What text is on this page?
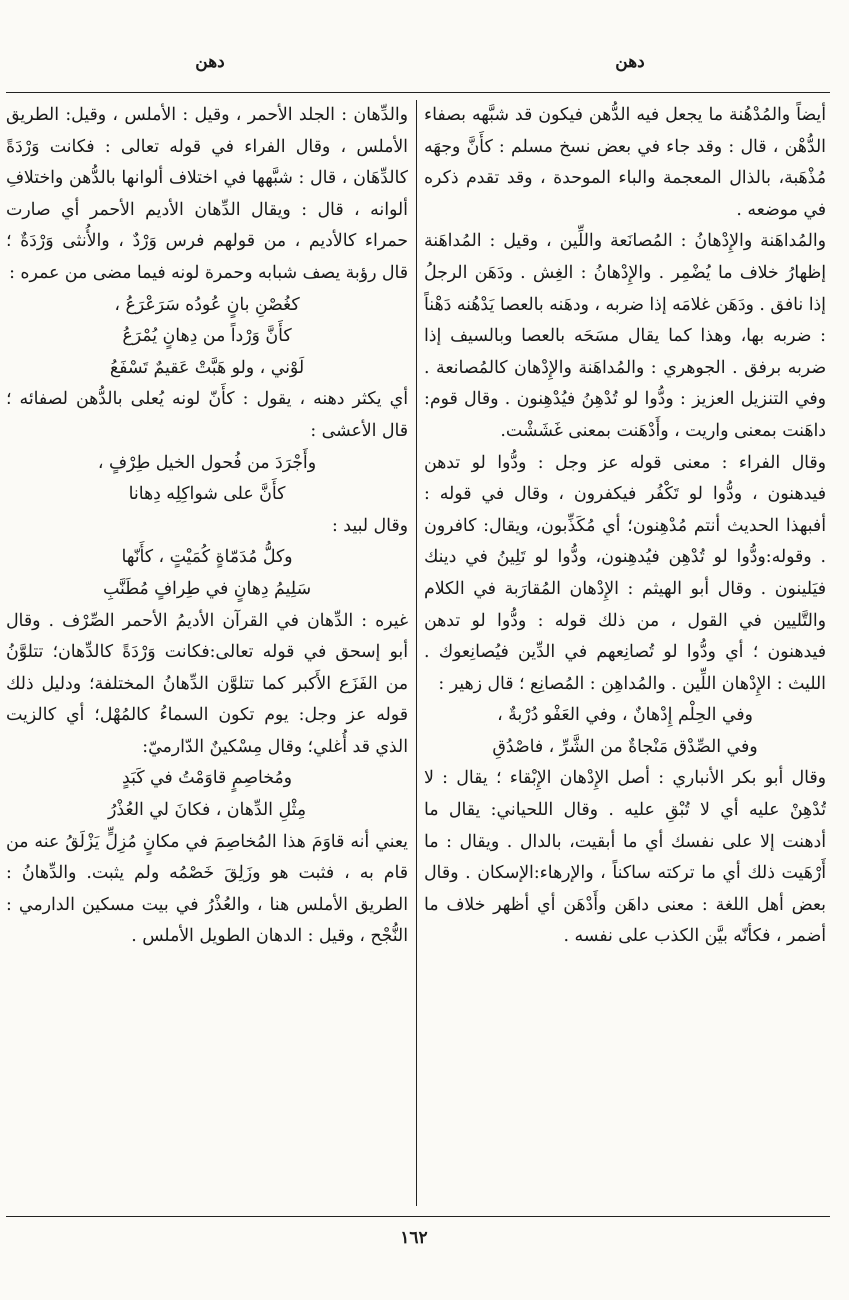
دهن
دهن

أيضاً والمُدْهُنة ما يجعل فيه الدُّهن فيكون قد شبَّهه بصفاء الدُّهْن ، قال : وقد جاء في بعض نسخ مسلم : كأَنَّ وجهَه مُذْهَبة، بالذال المعجمة والباء الموحدة ، وقد تقدم ذكره في موضعه .

والمُداهَنة والإِدْهانُ : المُصانَعة واللِّين ، وقيل : المُداهَنة إظهارُ خلاف ما يُضْمِر . والإِدْهانُ : الغِش . ودَهَن الرجلُ إذا نافق . ودَهَن غلامَه إذا ضربه ، ودهَنه بالعصا يَدْهُنه دَهْناً : ضربه بها، وهذا كما يقال مسَحَه بالعصا وبالسيف إذا ضربه برفق . الجوهري : والمُداهَنة والإِدْهان كالمُصانعة . وفي التنزيل العزيز : ودُّوا لو تُدْهِنُ فيُدْهِنون . وقال قوم: داهَنت بمعنى واريت ، وأَدْهَنت بمعنى غَشَشْت.

وقال الفراء : معنى قوله عز وجل : ودُّوا لو تدهن فيدهنون ، ودُّوا لو تَكْفُر فيكفرون ، وقال في قوله : أفبهذا الحديث أنتم مُدْهِنون؛ أي مُكَذِّبون، ويقال: كافرون . وقوله:ودُّوا لو تُدْهِن فيُدهِنون، ودُّوا لو تَلِينُ في دينك فيَلينون . وقال أبو الهيثم : الإِدْهان المُقارَبة في الكلام والتَّليين في القول ، من ذلك قوله : ودُّوا لو تدهن فيدهنون ؛ أي ودُّوا لو تُصانِعهم في الدِّين فيُصانِعوك . الليث : الإِدْهان اللِّين . والمُداهِن : المُصانِع ؛ قال زهير :

وفي الحِلْم إِدْهانٌ ، وفي العَفْو دُرْبةٌ ،

وفي الصِّدْق مَنْجاةٌ من الشَّرِّ ، فاصْدُقِ

وقال أبو بكر الأنباري : أصل الإِدْهان الإِبْقاء ؛ يقال : لا تُدْهِنْ عليه أي لا تُبْقِ عليه . وقال اللحياني: يقال ما أدهنت إلا على نفسك أي ما أبقيت، بالدال . ويقال : ما أَرْهَيت ذلك أي ما تركته ساكناً ، والإرهاء:الإسكان . وقال بعض أهل اللغة : معنى داهَن وأَدْهَن أي أظهر خلاف ما أضمر ، فكأنّه بيَّن الكذب على نفسه .

والدِّهان : الجلد الأحمر ، وقيل : الأملس ، وقيل: الطريق الأملس ، وقال الفراء في قوله تعالى : فكانت وَرْدَةً كالدِّهَان ، قال : شبَّهها في اختلاف ألوانها بالدُّهن واختلافِ ألوانه ، قال : ويقال الدِّهان الأديم الأحمر أي صارت حمراء كالأديم ، من قولهم فرس وَرْدٌ ، والأُنثى وَرْدَةٌ ؛ قال رؤبة يصف شبابه وحمرة لونه فيما مضى من عمره :

كغُصْنِ بانٍ عُودُه سَرَعْرَعُ ،

كأَنَّ وَرْداً من دِهانٍ يُمْرَعُ

لَوْني ، ولو هَبَّتْ عَقيمٌ تَسْفَعُ

أي يكثر دهنه ، يقول : كأَنّ لونه يُعلى بالدُّهن لصفائه ؛ قال الأعشى :

وأَجْرَدَ من فُحول الخيل طِرْفٍ ،

كأَنَّ على شواكِلِه دِهانا

وقال لبيد :

وكلُّ مُدَمّاةٍ كُمَيْتٍ ، كأَنّها

سَلِيمُ دِهانٍ في طِرافٍ مُطَنَّبِ

غيره : الدِّهان في القرآن الأديمُ الأحمر الصِّرْف . وقال أبو إسحق في قوله تعالى:فكانت وَرْدَةً كالدِّهان؛ تتلوَّنُ من الفَزَع الأَكبر كما تتلوَّن الدِّهانُ المختلفة؛ ودليل ذلك قوله عز وجل: يوم تكون السماءُ كالمُهْل؛ أي كالزيت الذي قد أُغلي؛ وقال مِسْكينٌ الدّارميّ:

ومُخاصِمٍ قاوَمْتُ في كَبَدٍ

مِثْلِ الدِّهان ، فكانَ لي العُذْرُ

يعني أنه قاوَمَ هذا المُخاصِمَ في مكانٍ مُزِلٍّ يَزْلَقُ عنه من قام به ، فثبت هو وزَلِقَ خَصْمُه ولم يثبت. والدِّهانُ : الطريق الأملس هنا ، والعُذْرُ في بيت مسكين الدارمي : النُّجْح ، وقيل : الدهان الطويل الأملس .

١٦٢
